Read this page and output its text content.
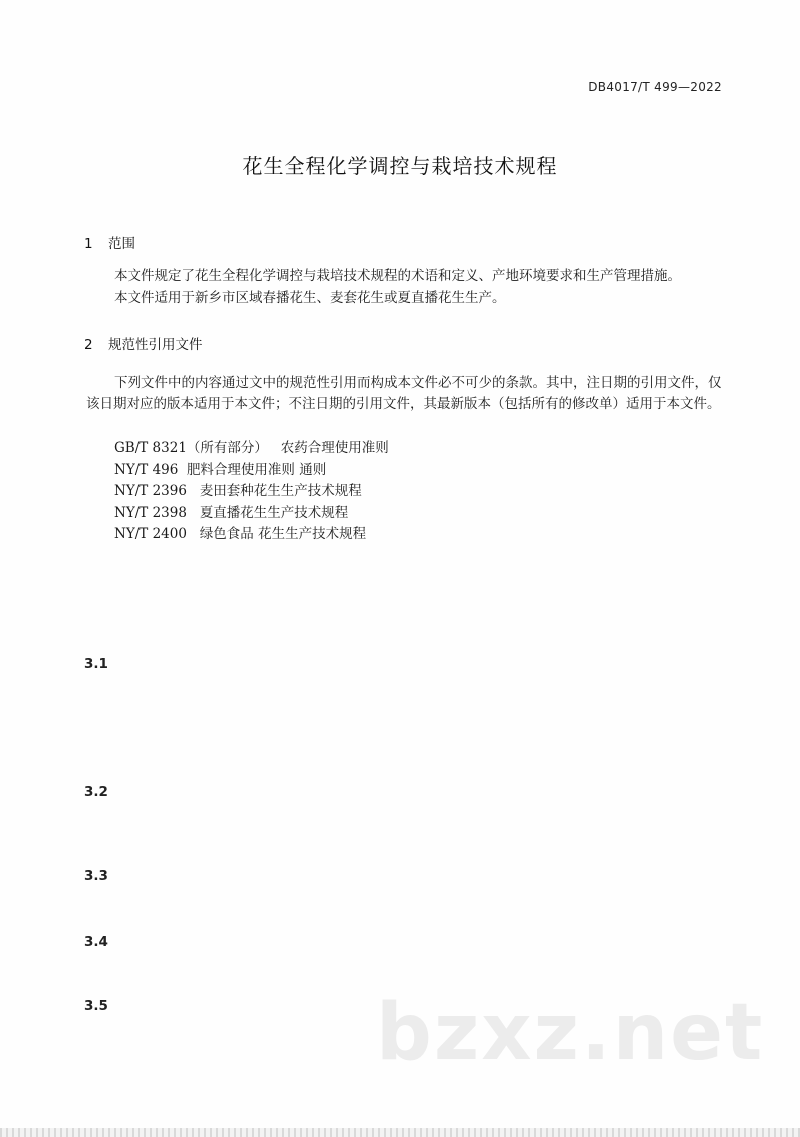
DB4017/T 499—2022
花生全程化学调控与栽培技术规程
1 范围
本文件规定了花生全程化学调控与栽培技术规程的术语和定义、产地环境要求和生产管理措施。
本文件适用于新乡市区域春播花生、麦套花生或夏直播花生生产。
2 规范性引用文件
下列文件中的内容通过文中的规范性引用而构成本文件必不可少的条款。其中，注日期的引用文件，仅该日期对应的版本适用于本文件；不注日期的引用文件，其最新版本（包括所有的修改单）适用于本文件。
GB/T 8321（所有部分） 农药合理使用准则
NY/T 496 肥料合理使用准则 通则
NY/T 2396 麦田套种花生生产技术规程
NY/T 2398 夏直播花生生产技术规程
NY/T 2400 绿色食品 花生生产技术规程
3.1
3.2
3.3
3.4
3.5	bzxz.net
